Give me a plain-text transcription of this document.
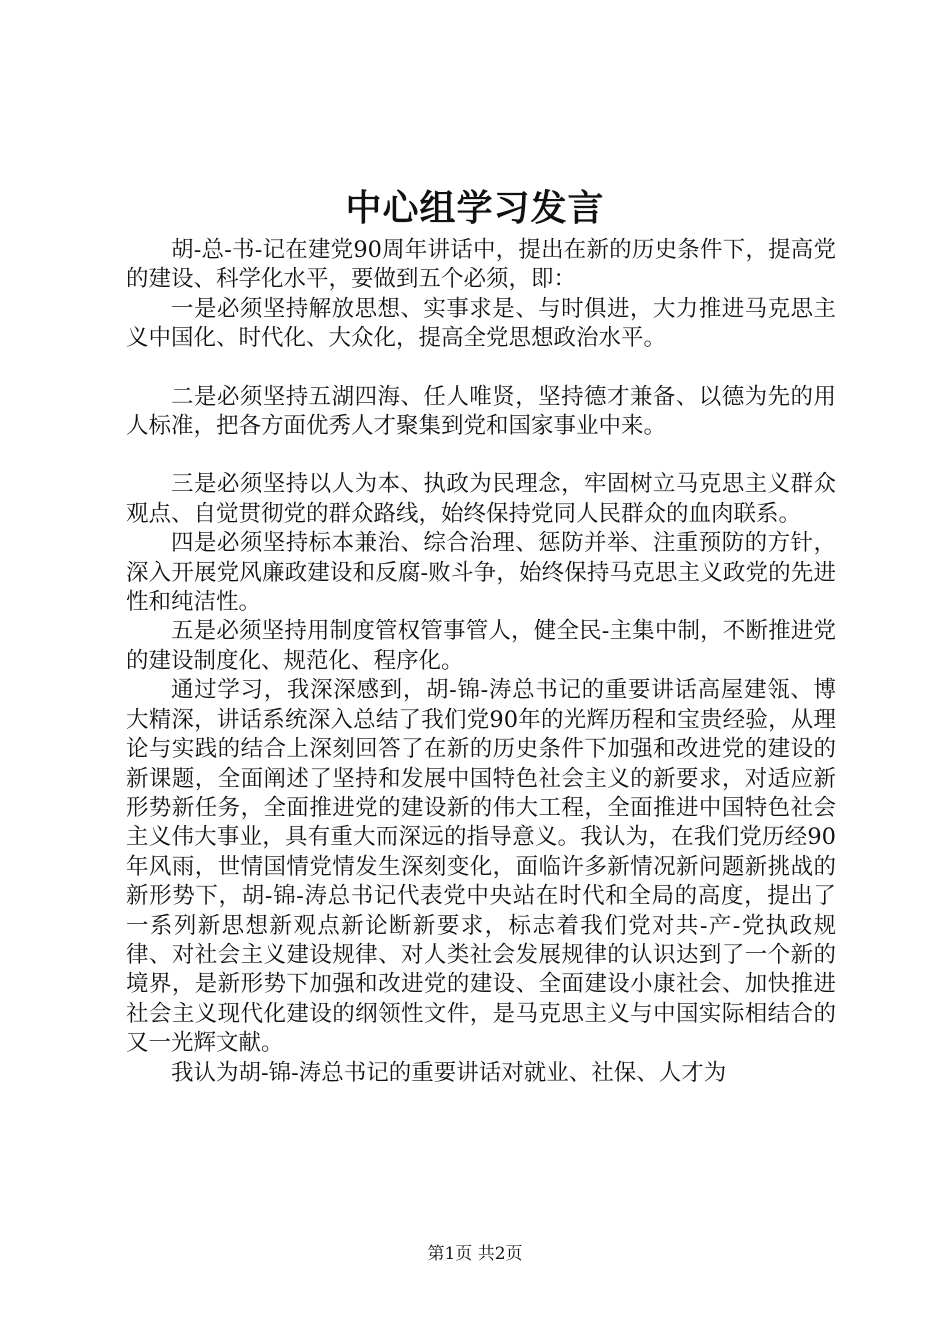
中心组学习发言

胡-总-书-记在建党90周年讲话中，提出在新的历史条件下，提高党的建设、科学化水平，要做到五个必须，即：

一是必须坚持解放思想、实事求是、与时俱进，大力推进马克思主义中国化、时代化、大众化，提高全党思想政治水平。

二是必须坚持五湖四海、任人唯贤，坚持德才兼备、以德为先的用人标准，把各方面优秀人才聚集到党和国家事业中来。

三是必须坚持以人为本、执政为民理念，牢固树立马克思主义群众观点、自觉贯彻党的群众路线，始终保持党同人民群众的血肉联系。

四是必须坚持标本兼治、综合治理、惩防并举、注重预防的方针，深入开展党风廉政建设和反腐-败斗争，始终保持马克思主义政党的先进性和纯洁性。

五是必须坚持用制度管权管事管人，健全民-主集中制，不断推进党的建设制度化、规范化、程序化。

通过学习，我深深感到，胡-锦-涛总书记的重要讲话高屋建瓴、博大精深，讲话系统深入总结了我们党90年的光辉历程和宝贵经验，从理论与实践的结合上深刻回答了在新的历史条件下加强和改进党的建设的新课题，全面阐述了坚持和发展中国特色社会主义的新要求，对适应新形势新任务，全面推进党的建设新的伟大工程，全面推进中国特色社会主义伟大事业，具有重大而深远的指导意义。我认为，在我们党历经90年风雨，世情国情党情发生深刻变化，面临许多新情况新问题新挑战的新形势下，胡-锦-涛总书记代表党中央站在时代和全局的高度，提出了一系列新思想新观点新论断新要求，标志着我们党对共-产-党执政规律、对社会主义建设规律、对人类社会发展规律的认识达到了一个新的境界，是新形势下加强和改进党的建设、全面建设小康社会、加快推进社会主义现代化建设的纲领性文件，是马克思主义与中国实际相结合的又一光辉文献。

我认为胡-锦-涛总书记的重要讲话对就业、社保、人才为

第1页 共2页
